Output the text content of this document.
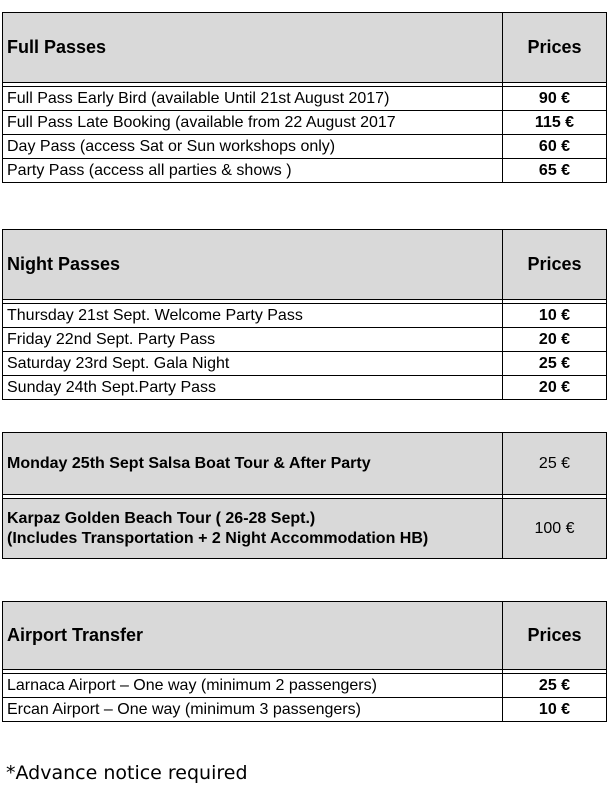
Full Passes	Prices

Full Pass Early Bird (available Until 21st August 2017)	90 €
Full Pass Late Booking (available from 22 August 2017	115 €
Day Pass (access Sat or Sun workshops only)	60 €
Party Pass (access all parties & shows )	65 €
Night Passes	Prices

Thursday 21st Sept. Welcome Party Pass	10 €
Friday 22nd Sept. Party Pass	20 €
Saturday 23rd Sept. Gala Night	25 €
Sunday 24th Sept.Party Pass	20 €
Monday 25th Sept Salsa Boat Tour & After Party	25 €

Karpaz Golden Beach Tour ( 26-28 Sept.)
(Includes Transportation + 2 Night Accommodation HB)	100 €
Airport Transfer	Prices

Larnaca Airport – One way (minimum 2 passengers)	25 €
Ercan Airport – One way (minimum 3 passengers)	10 €
*Advance notice required
